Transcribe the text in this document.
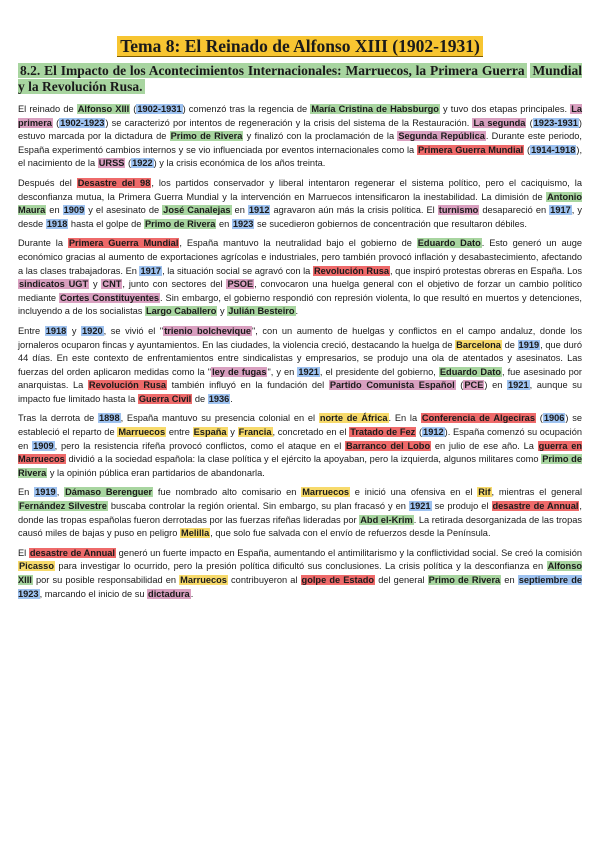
Tema 8: El Reinado de Alfonso XIII (1902-1931)
8.2. El Impacto de los Acontecimientos Internacionales: Marruecos, la Primera Guerra Mundial y la Revolución Rusa.

El reinado de Alfonso XIII (1902-1931) comenzó tras la regencia de María Cristina de Habsburgo y tuvo dos etapas principales. La primera (1902-1923) se caracterizó por intentos de regeneración y la crisis del sistema de la Restauración. La segunda (1923-1931) estuvo marcada por la dictadura de Primo de Rivera y finalizó con la proclamación de la Segunda República. Durante este periodo, España experimentó cambios internos y se vio influenciada por eventos internacionales como la Primera Guerra Mundial (1914-1918), el nacimiento de la URSS (1922) y la crisis económica de los años treinta.

Después del Desastre del 98, los partidos conservador y liberal intentaron regenerar el sistema político, pero el caciquismo, la desconfianza mutua, la Primera Guerra Mundial y la intervención en Marruecos intensificaron la inestabilidad. La dimisión de Antonio Maura en 1909 y el asesinato de José Canalejas en 1912 agravaron aún más la crisis política. El turnismo desapareció en 1917, y desde 1918 hasta el golpe de Primo de Rivera en 1923 se sucedieron gobiernos de concentración que resultaron débiles.

Durante la Primera Guerra Mundial, España mantuvo la neutralidad bajo el gobierno de Eduardo Dato. Esto generó un auge económico gracias al aumento de exportaciones agrícolas e industriales, pero también provocó inflación y desabastecimiento, afectando a las clases trabajadoras. En 1917, la situación social se agravó con la Revolución Rusa, que inspiró protestas obreras en España. Los sindicatos UGT y CNT, junto con sectores del PSOE, convocaron una huelga general con el objetivo de forzar un cambio político mediante Cortes Constituyentes. Sin embargo, el gobierno respondió con represión violenta, lo que resultó en muertos y detenciones, incluyendo a de los socialistas Largo Caballero y Julián Besteiro.

Entre 1918 y 1920, se vivió el "trienio bolchevique", con un aumento de huelgas y conflictos en el campo andaluz, donde los jornaleros ocuparon fincas y ayuntamientos. En las ciudades, la violencia creció, destacando la huelga de Barcelona de 1919, que duró 44 días. En este contexto de enfrentamientos entre sindicalistas y empresarios, se produjo una ola de atentados y asesinatos. Las fuerzas del orden aplicaron medidas como la "ley de fugas", y en 1921, el presidente del gobierno, Eduardo Dato, fue asesinado por anarquistas. La Revolución Rusa también influyó en la fundación del Partido Comunista Español (PCE) en 1921, aunque su impacto fue limitado hasta la Guerra Civil de 1936.

Tras la derrota de 1898, España mantuvo su presencia colonial en el norte de África. En la Conferencia de Algeciras (1906) se estableció el reparto de Marruecos entre España y Francia, concretado en el Tratado de Fez (1912). España comenzó su ocupación en 1909, pero la resistencia rifeña provocó conflictos, como el ataque en el Barranco del Lobo en julio de ese año. La guerra en Marruecos dividió a la sociedad española: la clase política y el ejército la apoyaban, pero la izquierda, algunos militares como Primo de Rivera y la opinión pública eran partidarios de abandonarla.

En 1919, Dámaso Berenguer fue nombrado alto comisario en Marruecos e inició una ofensiva en el Rif, mientras el general Fernández Silvestre buscaba controlar la región oriental. Sin embargo, su plan fracasó y en 1921 se produjo el desastre de Annual, donde las tropas españolas fueron derrotadas por las fuerzas rifeñas lideradas por Abd el-Krim. La retirada desorganizada de las tropas causó miles de bajas y puso en peligro Melilla, que solo fue salvada con el envío de refuerzos desde la Península.

El desastre de Annual generó un fuerte impacto en España, aumentando el antimilitarismo y la conflictividad social. Se creó la comisión Picasso para investigar lo ocurrido, pero la presión política dificultó sus conclusiones. La crisis política y la desconfianza en Alfonso XIII por su posible responsabilidad en Marruecos contribuyeron al golpe de Estado del general Primo de Rivera en septiembre de 1923, marcando el inicio de su dictadura.
